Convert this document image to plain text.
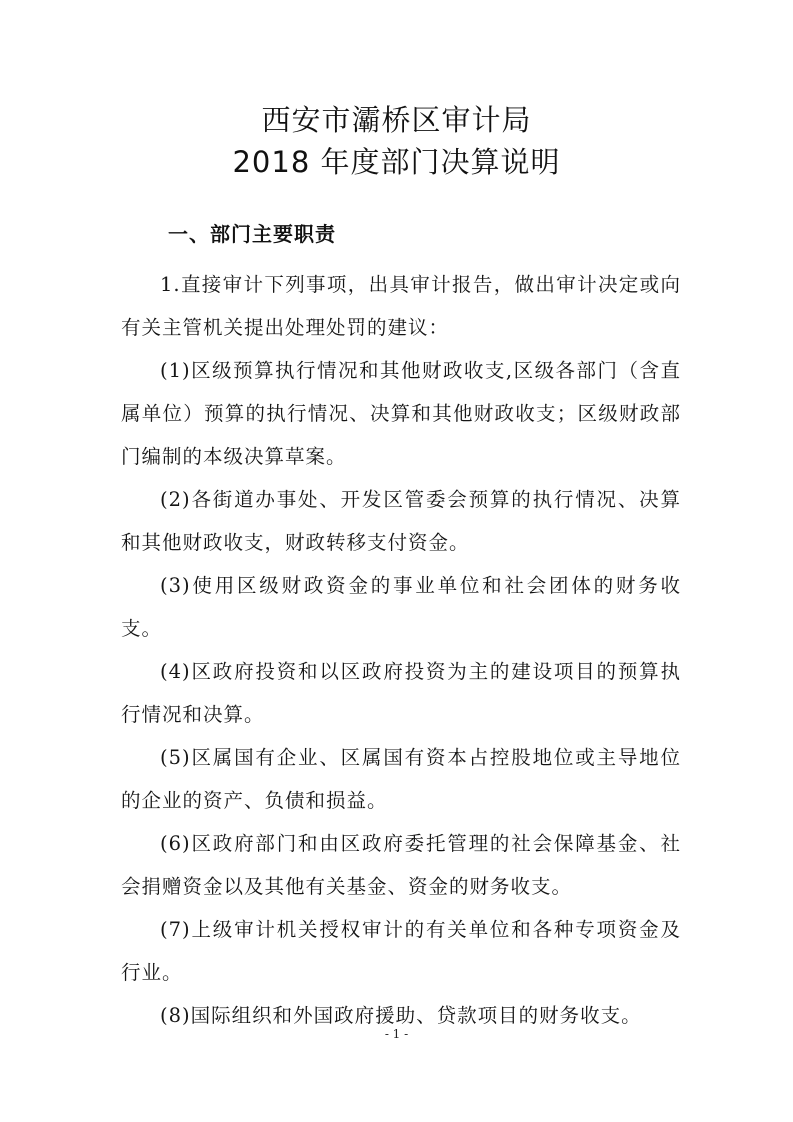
西安市灞桥区审计局
2018 年度部门决算说明
一、部门主要职责

1.直接审计下列事项，出具审计报告，做出审计决定或向有关主管机关提出处理处罚的建议：

(1)区级预算执行情况和其他财政收支,区级各部门（含直属单位）预算的执行情况、决算和其他财政收支；区级财政部门编制的本级决算草案。

(2)各街道办事处、开发区管委会预算的执行情况、决算和其他财政收支，财政转移支付资金。

(3)使用区级财政资金的事业单位和社会团体的财务收支。

(4)区政府投资和以区政府投资为主的建设项目的预算执行情况和决算。

(5)区属国有企业、区属国有资本占控股地位或主导地位的企业的资产、负债和损益。

(6)区政府部门和由区政府委托管理的社会保障基金、社会捐赠资金以及其他有关基金、资金的财务收支。

(7)上级审计机关授权审计的有关单位和各种专项资金及行业。

(8)国际组织和外国政府援助、贷款项目的财务收支。

- 1 -
